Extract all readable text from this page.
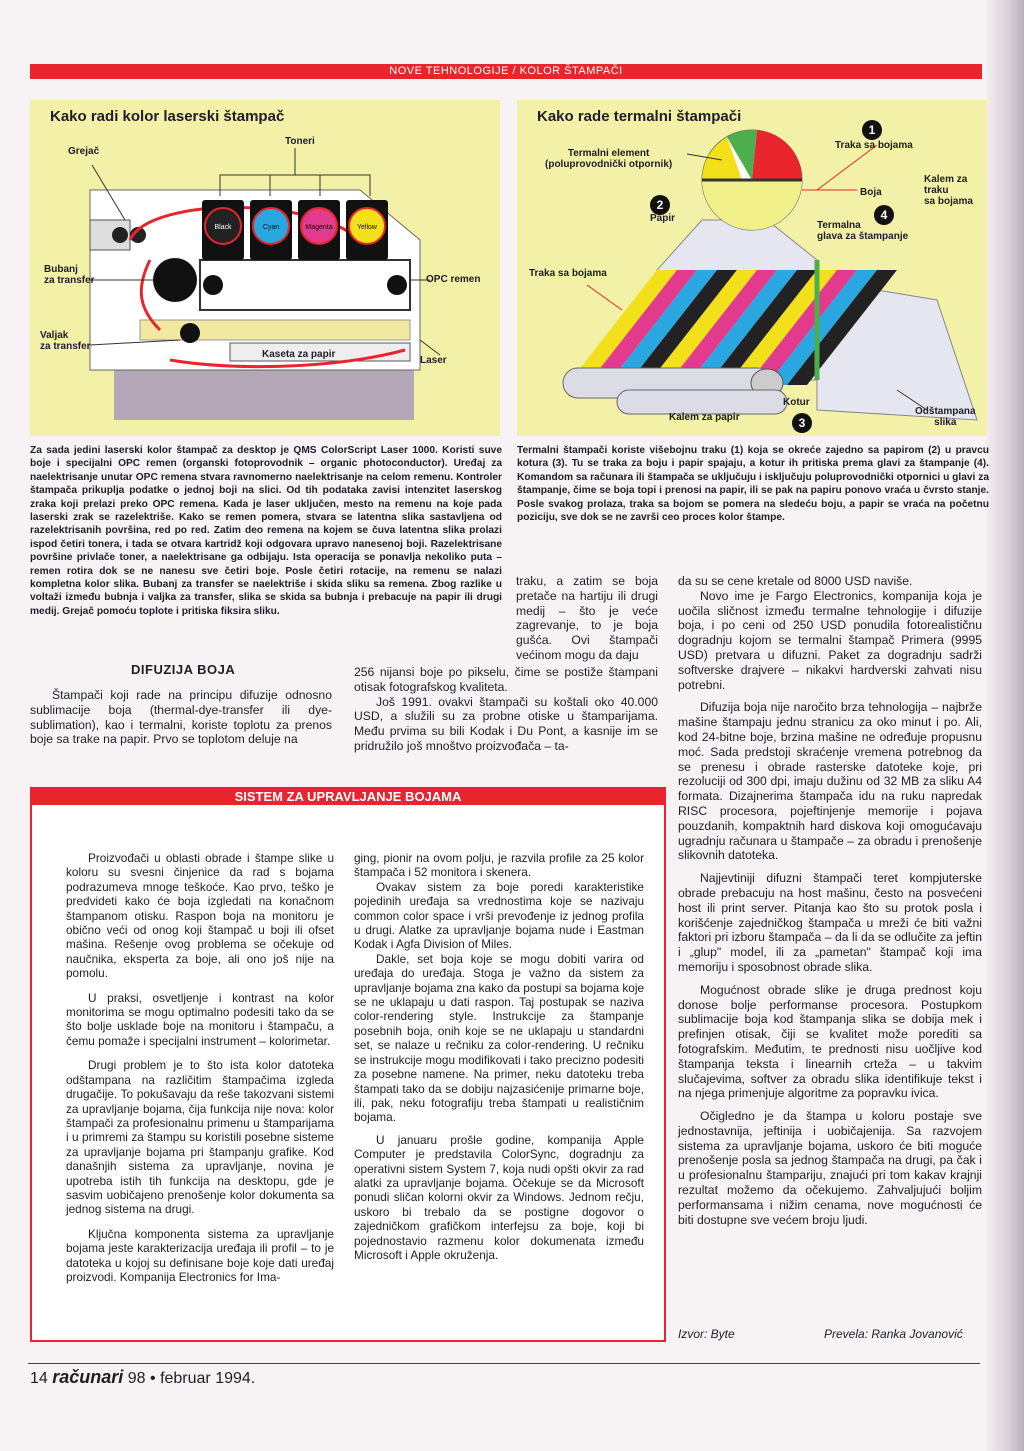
NOVE TEHNOLOGIJE / KOLOR ŠTAMPAČI
Kako radi kolor laserski štampač
Black	Cyan	Magenta	Yellow
Grejač
Toneri
Bubanj
za transfer	OPC remen
Valjak
za transfer
Kaseta za papir
Laser
Kako rade termalni štampači
1
2
3
4
Termalni element
(poluprovodnički otpornik)
Traka sa bojama
Boja
Kalem za
traku
sa bojama
Termalna
glava za štampanje
Papir
Traka sa bojama
Kalem za papir
Kotur
Odštampana
slika
Za sada jedini laserski kolor štampač za desktop je QMS ColorScript Laser 1000. Koristi suve boje i specijalni OPC remen (organski fotoprovodnik – organic photoconductor). Uređaj za naelektrisanje unutar OPC remena stvara ravnomerno naelektrisanje na celom remenu. Kontroler štampača prikuplja podatke o jednoj boji na slici. Od tih podataka zavisi intenzitet laserskog zraka koji prelazi preko OPC remena. Kada je laser uključen, mesto na remenu na koje pada laserski zrak se razelektriše. Kako se remen pomera, stvara se latentna slika sastavljena od razelektrisanih površina, red po red. Zatim deo remena na kojem se čuva latentna slika prolazi ispod četiri tonera, i tada se otvara kartridž koji odgovara upravo nanesenoj boji. Razelektrisane površine privlače toner, a naelektrisane ga odbijaju. Ista operacija se ponavlja nekoliko puta – remen rotira dok se ne nanesu sve četiri boje. Posle četiri rotacije, na remenu se nalazi kompletna kolor slika. Bubanj za transfer se naelektriše i skida sliku sa remena. Zbog razlike u voltaži između bubnja i valjka za transfer, slika se skida sa bubnja i prebacuje na papir ili drugi medij. Grejač pomoću toplote i pritiska fiksira sliku.
Termalni štampači koriste višebojnu traku (1) koja se okreće zajedno sa papirom (2) u pravcu kotura (3). Tu se traka za boju i papir spajaju, a kotur ih pritiska prema glavi za štampanje (4). Komandom sa računara ili štampača se uključuju i isključuju poluprovodnički otpornici u glavi za štampanje, čime se boja topi i prenosi na papir, ili se pak na papiru ponovo vraća u čvrsto stanje. Posle svakog prolaza, traka sa bojom se pomera na sledeću boju, a papir se vraća na početnu poziciju, sve dok se ne završi ceo proces kolor štampe.
DIFUZIJA BOJA

Štampači koji rade na principu difuzije odnosno sublimacije boja (thermal-dye-transfer ili dye-sublimation), kao i termalni, koriste toplotu za prenos boje sa trake na papir. Prvo se toplotom deluje na

traku, a zatim se boja pretače na hartiju ili drugi medij – što je veće zagrevanje, to je boja gušća. Ovi štampači većinom mogu da daju

256 nijansi boje po pikselu, čime se postiže štampani otisak fotografskog kvaliteta.

Još 1991. ovakvi štampači su koštali oko 40.000 USD, a služili su za probne otiske u štamparijama. Među prvima su bili Kodak i Du Pont, a kasnije im se pridružilo još mnoštvo proizvođača – ta-

da su se cene kretale od 8000 USD naviše.

Novo ime je Fargo Electronics, kompanija koja je uočila sličnost između termalne tehnologije i difuzije boja, i po ceni od 250 USD ponudila fotorealističnu dogradnju kojom se termalni štampač Primera (9995 USD) pretvara u difuzni. Paket za dogradnju sadrži softverske drajvere – nikakvi hardverski zahvati nisu potrebni.

Difuzija boja nije naročito brza tehnologija – najbrže mašine štampaju jednu stranicu za oko minut i po. Ali, kod 24-bitne boje, brzina mašine ne određuje propusnu moć. Sada predstoji skraćenje vremena potrebnog da se prenesu i obrade rasterske datoteke koje, pri rezoluciji od 300 dpi, imaju dužinu od 32 MB za sliku A4 formata. Dizajnerima štampača idu na ruku napredak RISC procesora, pojeftinjenje memorije i pojava pouzdanih, kompaktnih hard diskova koji omogućavaju ugradnju računara u štampače – za obradu i prenošenje slikovnih datoteka.

Najjevtiniji difuzni štampači teret kompjuterske obrade prebacuju na host mašinu, često na posvećeni host ili print server. Pitanja kao što su protok posla i korišćenje zajedničkog štampača u mreži će biti važni faktori pri izboru štampača – da li da se odlučite za jeftin i „glup" model, ili za „pametan" štampač koji ima memoriju i sposobnost obrade slika.

Mogućnost obrade slike je druga prednost koju donose bolje performanse procesora. Postupkom sublimacije boja kod štampanja slika se dobija mek i prefinjen otisak, čiji se kvalitet može porediti sa fotografskim. Međutim, te prednosti nisu uočljive kod štampanja teksta i linearnih crteža – u takvim slučajevima, softver za obradu slika identifikuje tekst i na njega primenjuje algoritme za popravku ivica.

Očigledno je da štampa u koloru postaje sve jednostavnija, jeftinija i uobičajenija. Sa razvojem sistema za upravljanje bojama, uskoro će biti moguće prenošenje posla sa jednog štampača na drugi, pa čak i u profesionalnu štampariju, znajući pri tom kakav krajnji rezultat možemo da očekujemo. Zahvaljujući boljim performansama i nižim cenama, nove mogućnosti će biti dostupne sve većem broju ljudi.

SISTEM ZA UPRAVLJANJE BOJAMA

Proizvođači u oblasti obrade i štampe slike u koloru su svesni činjenice da rad s bojama podrazumeva mnoge teškoće. Kao prvo, teško je predvideti kako će boja izgledati na konačnom štampanom otisku. Raspon boja na monitoru je obično veći od onog koji štampač u boji ili ofset mašina. Rešenje ovog problema se očekuje od naučnika, eksperta za boje, ali ono još nije na pomolu.

U praksi, osvetljenje i kontrast na kolor monitorima se mogu optimalno podesiti tako da se što bolje uskladе boje na monitoru i štampaču, a čemu pomaže i specijalni instrument – kolorimetar.

Drugi problem je to što ista kolor datoteka odštampana na različitim štampačima izgleda drugačije. To pokušavaju da reše takozvani sistemi za upravljanje bojama, čija funkcija nije nova: kolor štampači za profesionalnu primenu u štamparijama i u primremi za štampu su koristili posebne sisteme za upravljanje bojama pri štampanju grafike. Kod današnjih sistema za upravljanje, novina je upotreba istih tih funkcija na desktopu, gde je sasvim uobičajeno prenošenje kolor dokumenta sa jednog sistema na drugi.

Ključna komponenta sistema za upravljanje bojama jeste karakterizacija uređaja ili profil – to je datoteka u kojoj su definisane boje koje dati uređaj proizvodi. Kompanija Electronics for Ima-

ging, pionir na ovom polju, je razvila profile za 25 kolor štampača i 52 monitora i skenera.

Ovakav sistem za boje poredi karakteristike pojedinih uređaja sa vrednostima koje se nazivaju common color space i vrši prevođenje iz jednog profila u drugi. Alatke za upravljanje bojama nude i Eastman Kodak i Agfa Division of Miles.

Dakle, set boja koje se mogu dobiti varira od uređaja do uređaja. Stoga je važno da sistem za upravljanje bojama zna kako da postupi sa bojama koje se ne uklapaju u dati raspon. Taj postupak se naziva color-rendering style. Instrukcije za štampanje posebnih boja, onih koje se ne uklapaju u standardni set, se nalaze u rečniku za color-rendering. U rečniku se instrukcije mogu modifikovati i tako precizno podesiti za posebne namene. Na primer, neku datoteku treba štampati tako da se dobiju najzasićenije primarne boje, ili, pak, neku fotografiju treba štampati u realističnim bojama.

U januaru prošle godine, kompanija Apple Computer je predstavila ColorSync, dogradnju za operativni sistem System 7, koja nudi opšti okvir za rad alatki za upravljanje bojama. Očekuje se da Microsoft ponudi sličan kolorni okvir za Windows. Jednom rečju, uskoro bi trebalo da se postigne dogovor o zajedničkom grafičkom interfejsu za boje, koji bi pojednostavio razmenu kolor dokumenata između Microsoft i Apple okruženja.

Izvor: Byte	Prevela: Ranka Jovanović
14 računari 98 • februar 1994.
